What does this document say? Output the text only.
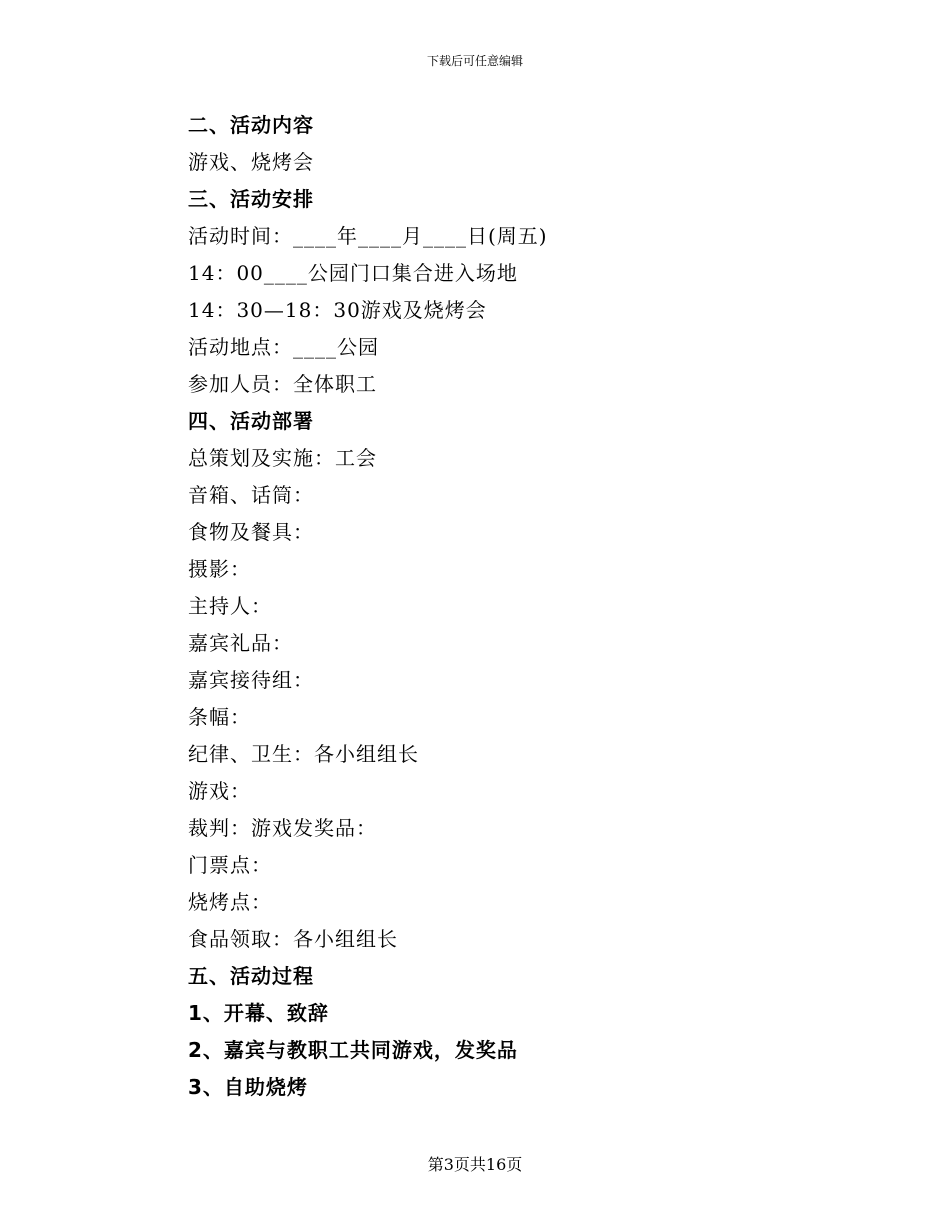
下载后可任意编辑
二、活动内容
游戏、烧烤会
三、活动安排
活动时间：____年____月____日(周五)
14：00____公园门口集合进入场地
14：30—18：30游戏及烧烤会
活动地点：____公园
参加人员：全体职工
四、活动部署
总策划及实施：工会
音箱、话筒：
食物及餐具：
摄影：
主持人：
嘉宾礼品：
嘉宾接待组：
条幅：
纪律、卫生：各小组组长
游戏：
裁判：游戏发奖品：
门票点：
烧烤点：
食品领取：各小组组长
五、活动过程
1、开幕、致辞
2、嘉宾与教职工共同游戏，发奖品
3、自助烧烤
第3页共16页
